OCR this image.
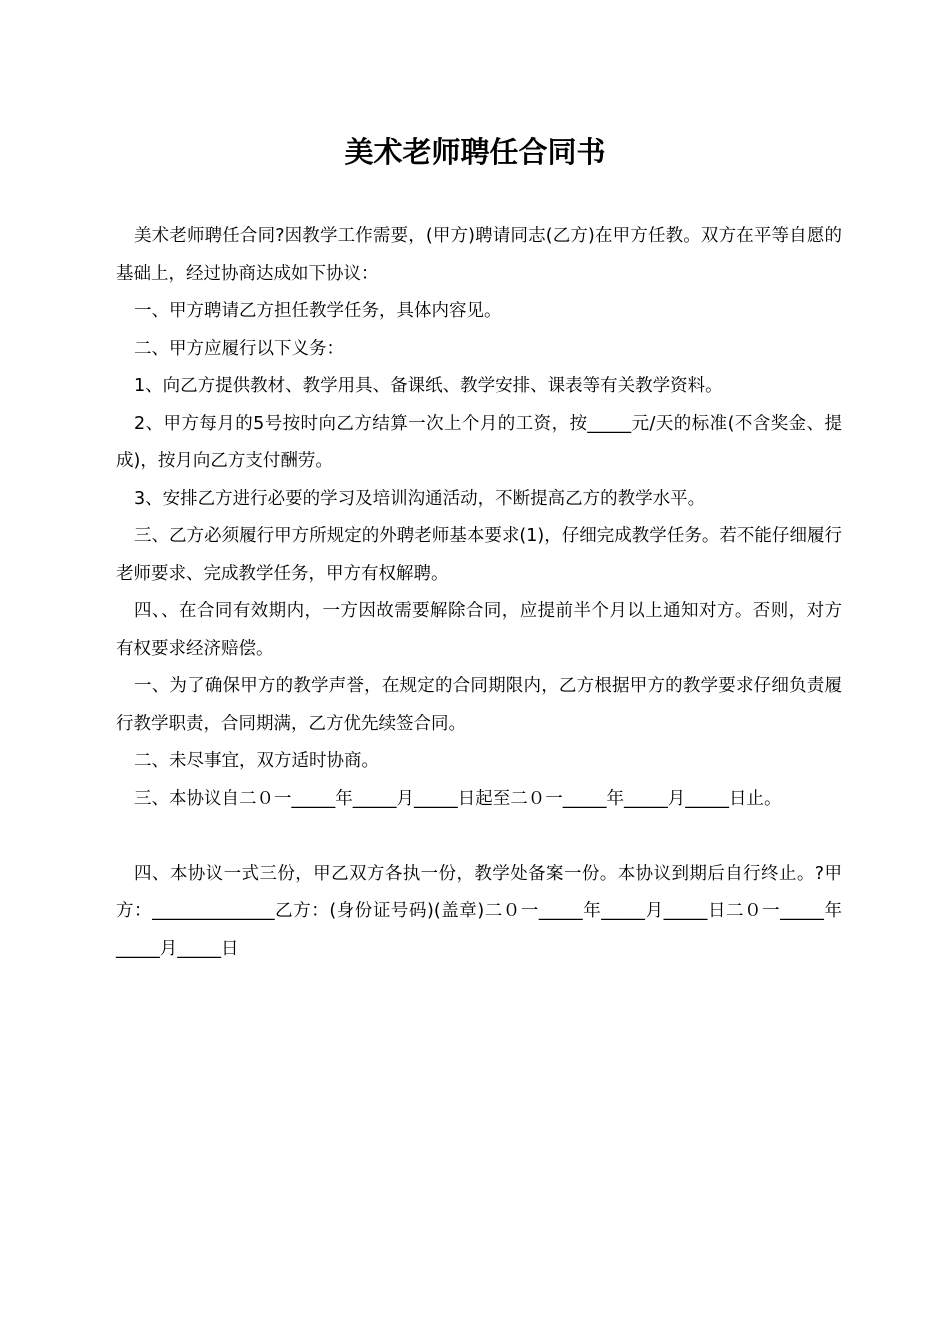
美术老师聘任合同书

美术老师聘任合同?因教学工作需要，(甲方)聘请同志(乙方)在甲方任教。双方在平等自愿的基础上，经过协商达成如下协议：

一、甲方聘请乙方担任教学任务，具体内容见。

二、甲方应履行以下义务：

1、向乙方提供教材、教学用具、备课纸、教学安排、课表等有关教学资料。

2、甲方每月的5号按时向乙方结算一次上个月的工资，按_____元/天的标准(不含奖金、提成)，按月向乙方支付酬劳。

3、安排乙方进行必要的学习及培训沟通活动，不断提高乙方的教学水平。

三、乙方必须履行甲方所规定的外聘老师基本要求(1)，仔细完成教学任务。若不能仔细履行老师要求、完成教学任务，甲方有权解聘。

四、、在合同有效期内，一方因故需要解除合同，应提前半个月以上通知对方。否则，对方有权要求经济赔偿。

一、为了确保甲方的教学声誉，在规定的合同期限内，乙方根据甲方的教学要求仔细负责履行教学职责，合同期满，乙方优先续签合同。

二、未尽事宜，双方适时协商。

三、本协议自二０一_____年_____月_____日起至二０一_____年_____月_____日止。

四、本协议一式三份，甲乙双方各执一份，教学处备案一份。本协议到期后自行终止。?甲方：______________乙方：(身份证号码)(盖章)二０一_____年_____月_____日二０一_____年_____月_____日
